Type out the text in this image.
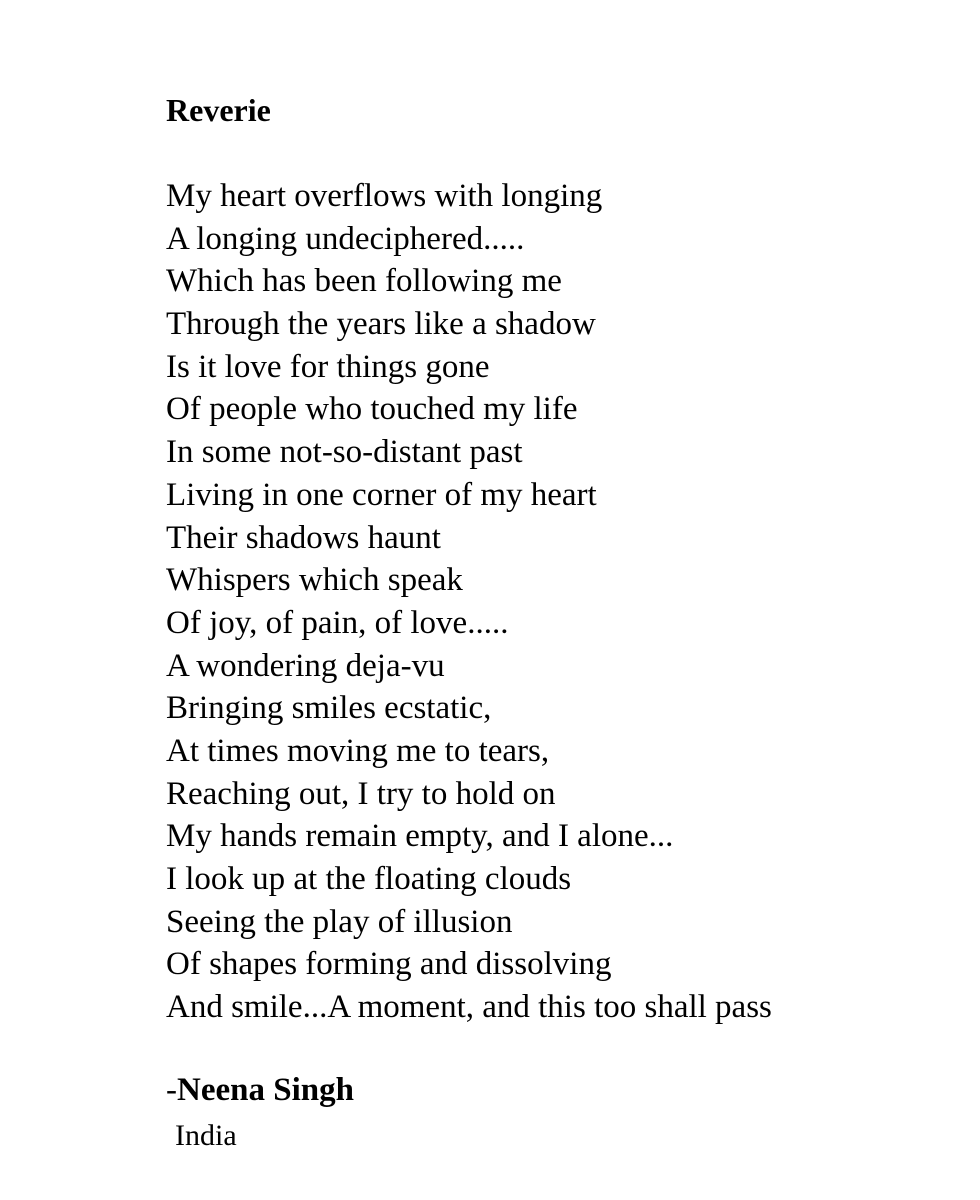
Reverie
My heart overflows with longing
A longing undeciphered.....
Which has been following me
Through the years like a shadow
Is it love for things gone
Of people who touched my life
In some not-so-distant past
Living in one corner of my heart
Their shadows haunt
Whispers which speak
Of joy, of pain, of love.....
A wondering deja-vu
Bringing smiles ecstatic,
At times moving me to tears,
Reaching out, I try to hold on
My hands remain empty, and I alone...
I look up at the floating clouds
Seeing the play of illusion
Of shapes forming and dissolving
And smile...A moment, and this too shall pass
-Neena Singh
India
